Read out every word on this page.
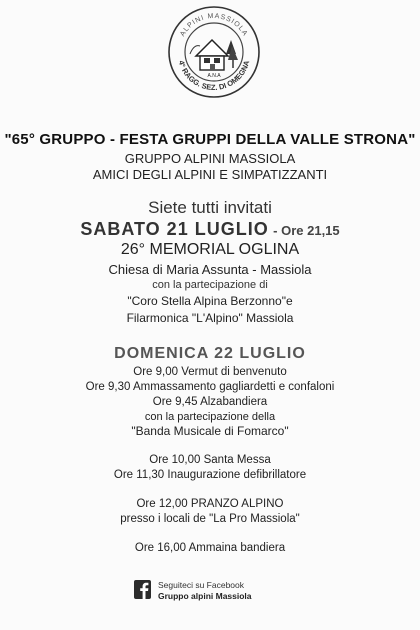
ALPINI MASSIOLA
4° RAGG. SEZ. DI OMEGNA
A.N.A
"65° GRUPPO - FESTA GRUPPI DELLA VALLE STRONA"
GRUPPO ALPINI MASSIOLA
AMICI DEGLI ALPINI E SIMPATIZZANTI
Siete tutti invitati
SABATO 21 LUGLIO - Ore 21,15
26° MEMORIAL OGLINA
Chiesa di Maria Assunta - Massiola
con la partecipazione di
"Coro Stella Alpina Berzonno"e
Filarmonica "L'Alpino" Massiola
DOMENICA 22 LUGLIO
Ore 9,00 Vermut di benvenuto
Ore 9,30 Ammassamento gagliardetti e confaloni
Ore 9,45 Alzabandiera
con la partecipazione della
"Banda Musicale di Fomarco"
Ore 10,00 Santa Messa
Ore 11,30 Inaugurazione defibrillatore
Ore 12,00 PRANZO ALPINO
presso i locali de "La Pro Massiola"
Ore 16,00 Ammaina bandiera
Seguiteci su Facebook
Gruppo alpini Massiola
